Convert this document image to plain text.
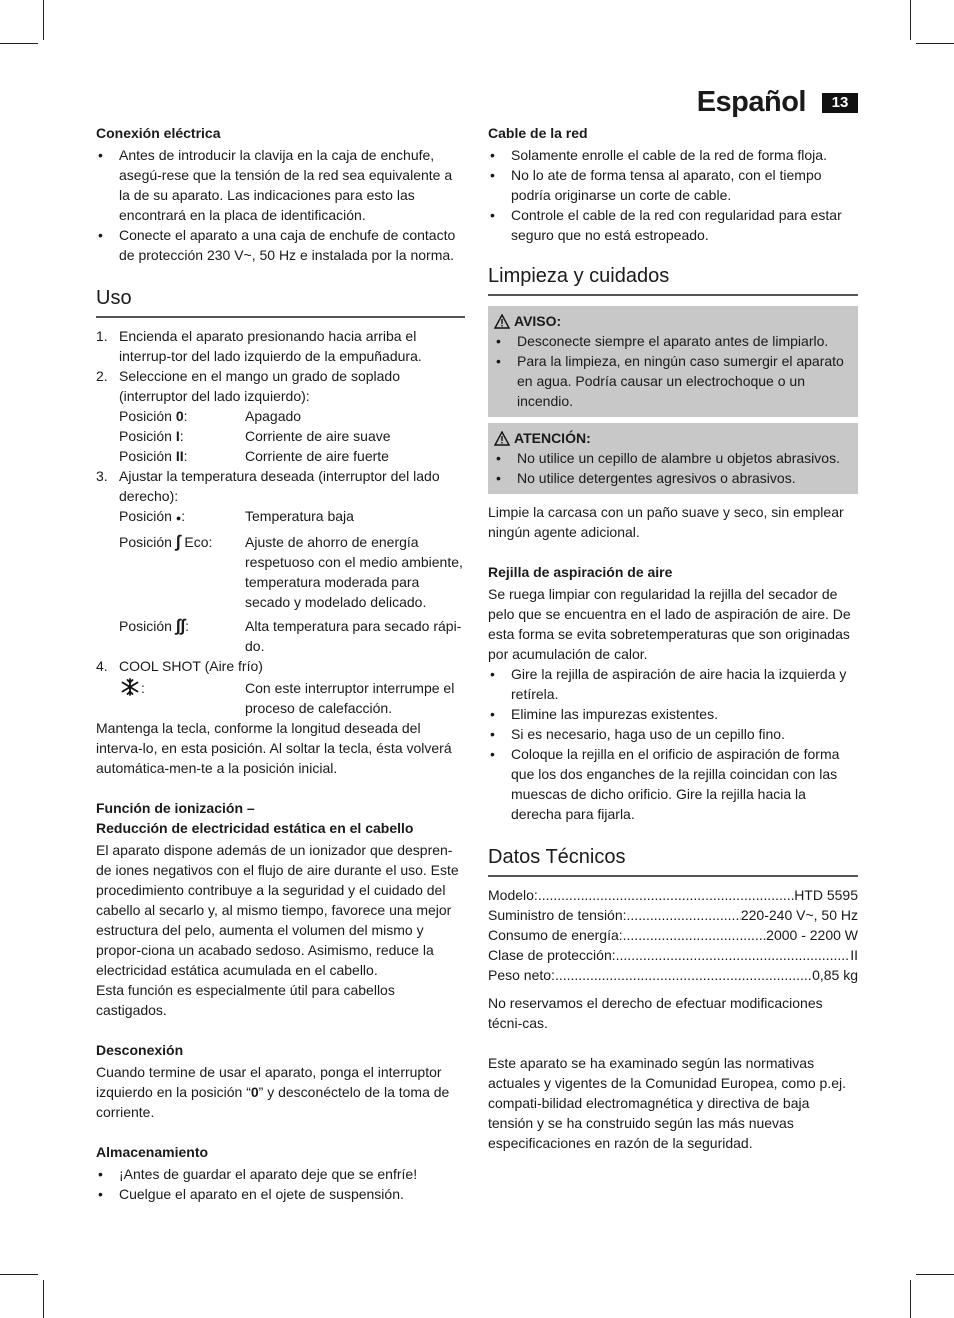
Español	13
Conexión eléctrica
• Antes de introducir la clavija en la caja de enchufe, asegú-rese que la tensión de la red sea equivalente a la de su aparato. Las indicaciones para esto las encontrará en la placa de identificación.
• Conecte el aparato a una caja de enchufe de contacto de protección 230 V~, 50 Hz e instalada por la norma.
Uso
1. Encienda el aparato presionando hacia arriba el interrup-tor del lado izquierdo de la empuñadura.
2. Seleccione en el mango un grado de soplado (interruptor del lado izquierdo):
Posición 0:	Apagado
Posición I:	Corriente de aire suave
Posición II:	Corriente de aire fuerte
3. Ajustar la temperatura deseada (interruptor del lado derecho):
Posición ●:	Temperatura baja
Posición ∫ Eco:	Ajuste de ahorro de energía respetuoso con el medio ambiente, temperatura moderada para secado y modelado delicado.
Posición ∫∫:	Alta temperatura para secado rápi-do.
4. COOL SHOT (Aire frío)
:	Con este interruptor interrumpe el proceso de calefacción.

Mantenga la tecla, conforme la longitud deseada del interva-lo, en esta posición. Al soltar la tecla, ésta volverá automática-men-te a la posición inicial.

Función de ionización –
Reducción de electricidad estática en el cabello

El aparato dispone además de un ionizador que despren-de iones negativos con el flujo de aire durante el uso. Este procedimiento contribuye a la seguridad y el cuidado del cabello al secarlo y, al mismo tiempo, favorece una mejor estructura del pelo, aumenta el volumen del mismo y propor-ciona un acabado sedoso. Asimismo, reduce la electricidad estática acumulada en el cabello.

Esta función es especialmente útil para cabellos castigados.

Desconexión

Cuando termine de usar el aparato, ponga el interruptor izquierdo en la posición “0” y desconéctelo de la toma de corriente.

Almacenamiento
• ¡Antes de guardar el aparato deje que se enfríe!
• Cuelgue el aparato en el ojete de suspensión.
Cable de la red
• Solamente enrolle el cable de la red de forma floja.
• No lo ate de forma tensa al aparato, con el tiempo podría originarse un corte de cable.
• Controle el cable de la red con regularidad para estar seguro que no está estropeado.
Limpieza y cuidados
AVISO:
• Desconecte siempre el aparato antes de limpiarlo.
• Para la limpieza, en ningún caso sumergir el aparato en agua. Podría causar un electrochoque o un incendio.
ATENCIÓN:
• No utilice un cepillo de alambre u objetos abrasivos.
• No utilice detergentes agresivos o abrasivos.

Limpie la carcasa con un paño suave y seco, sin emplear ningún agente adicional.

Rejilla de aspiración de aire

Se ruega limpiar con regularidad la rejilla del secador de pelo que se encuentra en el lado de aspiración de aire. De esta forma se evita sobretemperaturas que son originadas por acumulación de calor.

• Gire la rejilla de aspiración de aire hacia la izquierda y retírela.
• Elimine las impurezas existentes.
• Si es necesario, haga uso de un cepillo fino.
• Coloque la rejilla en el orificio de aspiración de forma que los dos enganches de la rejilla coincidan con las muescas de dicho orificio. Gire la rejilla hacia la derecha para fijarla.
Datos Técnicos
Modelo: .....	HTD 5595
Suministro de tensión: .....	220-240 V~, 50 Hz
Consumo de energía: .....	2000 - 2200 W
Clase de protección: .....	II
Peso neto: .....	0,85 kg

No reservamos el derecho de efectuar modificaciones técni-cas.

Este aparato se ha examinado según las normativas actuales y vigentes de la Comunidad Europea, como p.ej. compati-bilidad electromagnética y directiva de baja tensión y se ha construido según las más nuevas especificaciones en razón de la seguridad.
